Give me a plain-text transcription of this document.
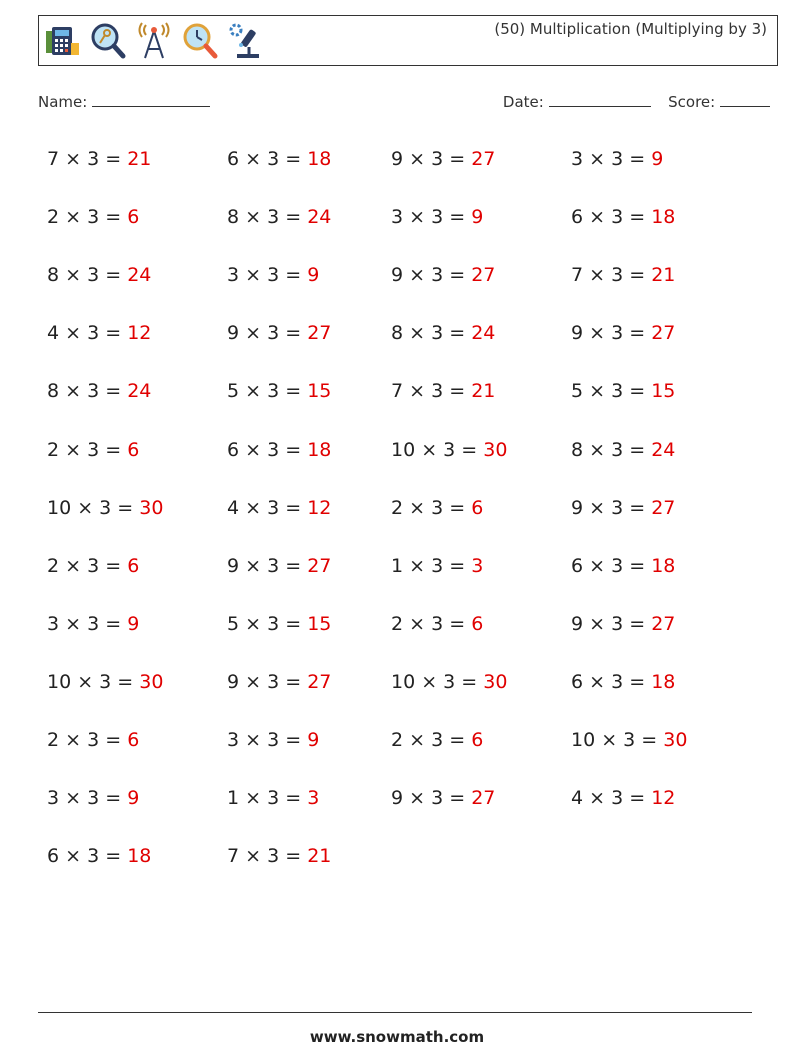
(50) Multiplication (Multiplying by 3)
Name:	Date:	Score:
7 × 3 = 21	6 × 3 = 18	9 × 3 = 27	3 × 3 = 9
2 × 3 = 6	8 × 3 = 24	3 × 3 = 9	6 × 3 = 18
8 × 3 = 24	3 × 3 = 9	9 × 3 = 27	7 × 3 = 21
4 × 3 = 12	9 × 3 = 27	8 × 3 = 24	9 × 3 = 27
8 × 3 = 24	5 × 3 = 15	7 × 3 = 21	5 × 3 = 15
2 × 3 = 6	6 × 3 = 18	10 × 3 = 30	8 × 3 = 24
10 × 3 = 30	4 × 3 = 12	2 × 3 = 6	9 × 3 = 27
2 × 3 = 6	9 × 3 = 27	1 × 3 = 3	6 × 3 = 18
3 × 3 = 9	5 × 3 = 15	2 × 3 = 6	9 × 3 = 27
10 × 3 = 30	9 × 3 = 27	10 × 3 = 30	6 × 3 = 18
2 × 3 = 6	3 × 3 = 9	2 × 3 = 6	10 × 3 = 30
3 × 3 = 9	1 × 3 = 3	9 × 3 = 27	4 × 3 = 12
6 × 3 = 18	7 × 3 = 21
www.snowmath.com
